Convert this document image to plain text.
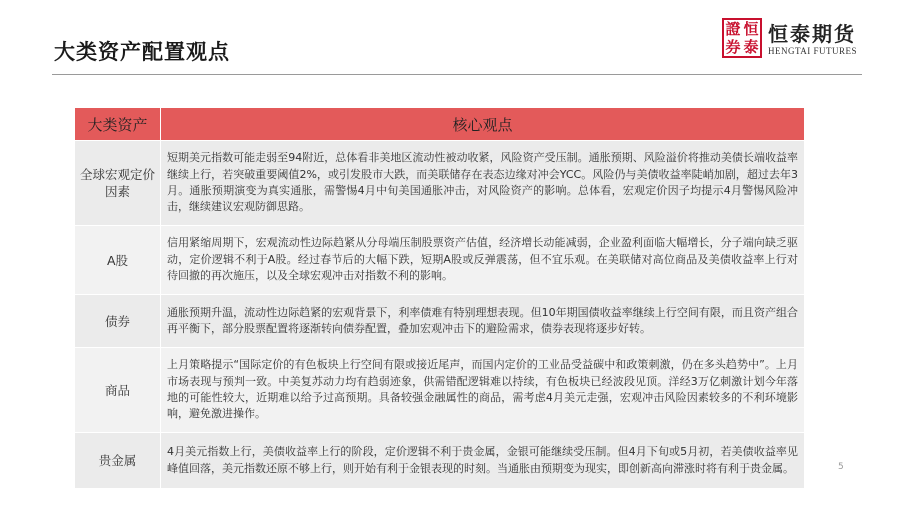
大类资产配置观点
證 恒
券 泰
恒泰期货
HENGTAI FUTURES
大类资产	核心观点
全球宏观定价因素	短期美元指数可能走弱至94附近，总体看非美地区流动性被动收紧，风险资产受压制。通胀预期、风险溢价将推动美债长端收益率继续上行，若突破重要阈值2%，或引发股市大跌，而美联储存在表态边缘对冲会YCC。风险仍与美债收益率陡峭加剧，超过去年3月。通胀预期演变为真实通胀，需警惕4月中旬美国通胀冲击，对风险资产的影响。总体看，宏观定价因子均提示4月警惕风险冲击，继续建议宏观防御思路。
A股	信用紧缩周期下，宏观流动性边际趋紧从分母端压制股票资产估值，经济增长动能减弱，企业盈利面临大幅增长，分子端向缺乏驱动，定价逻辑不利于A股。经过春节后的大幅下跌，短期A股或反弹震荡，但不宜乐观。在美联储对高位商品及美债收益率上行对待回撤的再次施压，以及全球宏观冲击对指数不利的影响。
债券	通胀预期升温，流动性边际趋紧的宏观背景下，利率债难有特别理想表现。但10年期国债收益率继续上行空间有限，而且资产组合再平衡下，部分股票配置将逐渐转向债券配置，叠加宏观冲击下的避险需求，债券表现将逐步好转。
商品	上月策略提示“国际定价的有色板块上行空间有限或接近尾声，而国内定价的工业品受益碳中和政策刺激，仍在多头趋势中”。上月市场表现与预判一致。中美复苏动力均有趋弱迹象，供需错配逻辑难以持续，有色板块已经波段见顶。洋经3万亿刺激计划今年落地的可能性较大，近期难以给予过高预期。具备较强金融属性的商品，需考虑4月美元走强，宏观冲击风险因素较多的不利环境影响，避免激进操作。
贵金属	4月美元指数上行，美债收益率上行的阶段，定价逻辑不利于贵金属，金银可能继续受压制。但4月下旬或5月初，若美债收益率见峰值回落，美元指数还原不够上行，则开始有利于金银表现的时刻。当通胀由预期变为现实，即创新高向滞涨时将有利于贵金属。	5
